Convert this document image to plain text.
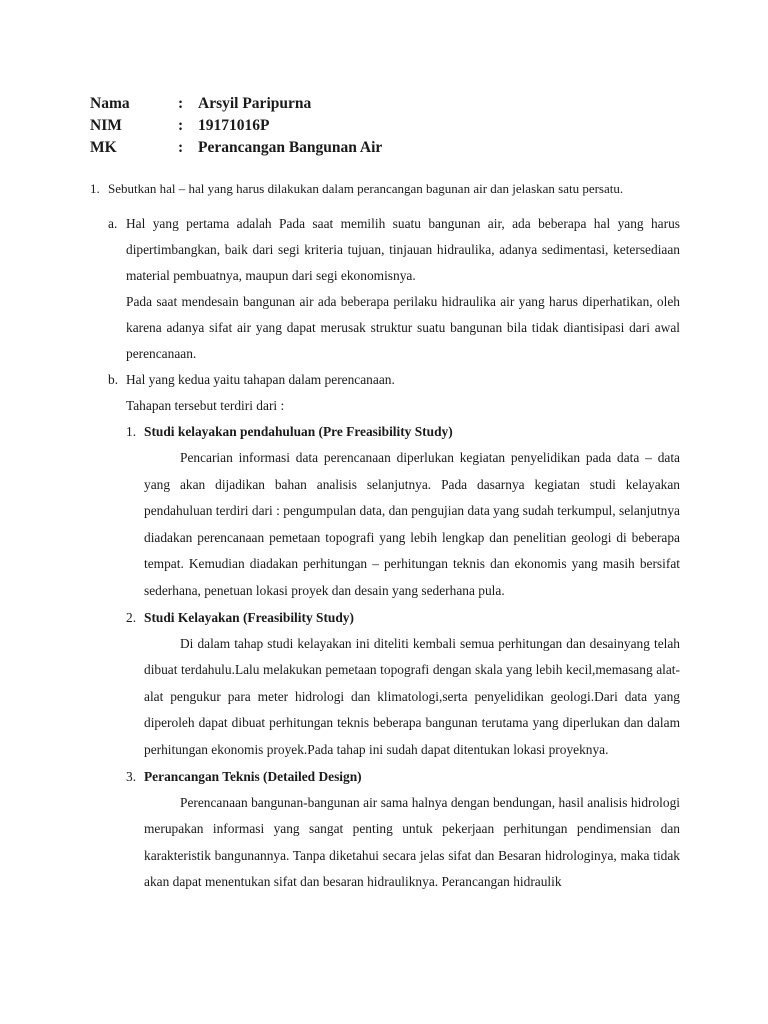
Nama	: Arsyil Paripurna
NIM	: 19171016P
MK	: Perancangan Bangunan Air
1. Sebutkan hal – hal yang harus dilakukan dalam perancangan bagunan air dan jelaskan satu persatu.
a. Hal yang pertama adalah Pada saat memilih suatu bangunan air, ada beberapa hal yang harus dipertimbangkan, baik dari segi kriteria tujuan, tinjauan hidraulika, adanya sedimentasi, ketersediaan material pembuatnya, maupun dari segi ekonomisnya.

Pada saat mendesain bangunan air ada beberapa perilaku hidraulika air yang harus diperhatikan, oleh karena adanya sifat air yang dapat merusak struktur suatu bangunan bila tidak diantisipasi dari awal perencanaan.

b. Hal yang kedua yaitu tahapan dalam perencanaan.

Tahapan tersebut terdiri dari :

1. Studi kelayakan pendahuluan (Pre Freasibility Study)

Pencarian informasi data perencanaan diperlukan kegiatan penyelidikan pada data – data yang akan dijadikan bahan analisis selanjutnya. Pada dasarnya kegiatan studi kelayakan pendahuluan terdiri dari : pengumpulan data, dan pengujian data yang sudah terkumpul, selanjutnya diadakan perencanaan pemetaan topografi yang lebih lengkap dan penelitian geologi di beberapa tempat. Kemudian diadakan perhitungan – perhitungan teknis dan ekonomis yang masih bersifat sederhana, penetuan lokasi proyek dan desain yang sederhana pula.

2. Studi Kelayakan (Freasibility Study)

Di dalam tahap studi kelayakan ini diteliti kembali semua perhitungan dan desainyang telah dibuat terdahulu.Lalu melakukan pemetaan topografi dengan skala yang lebih kecil,memasang alat-alat pengukur para meter hidrologi dan klimatologi,serta penyelidikan geologi.Dari data yang diperoleh dapat dibuat perhitungan teknis beberapa bangunan terutama yang diperlukan dan dalam perhitungan ekonomis proyek.Pada tahap ini sudah dapat ditentukan lokasi proyeknya.

3. Perancangan Teknis (Detailed Design)

Perencanaan bangunan-bangunan air sama halnya dengan bendungan, hasil analisis hidrologi merupakan informasi yang sangat penting untuk pekerjaan perhitungan pendimensian dan karakteristik bangunannya. Tanpa diketahui secara jelas sifat dan Besaran hidrologinya, maka tidak akan dapat menentukan sifat dan besaran hidrauliknya. Perancangan hidraulik
